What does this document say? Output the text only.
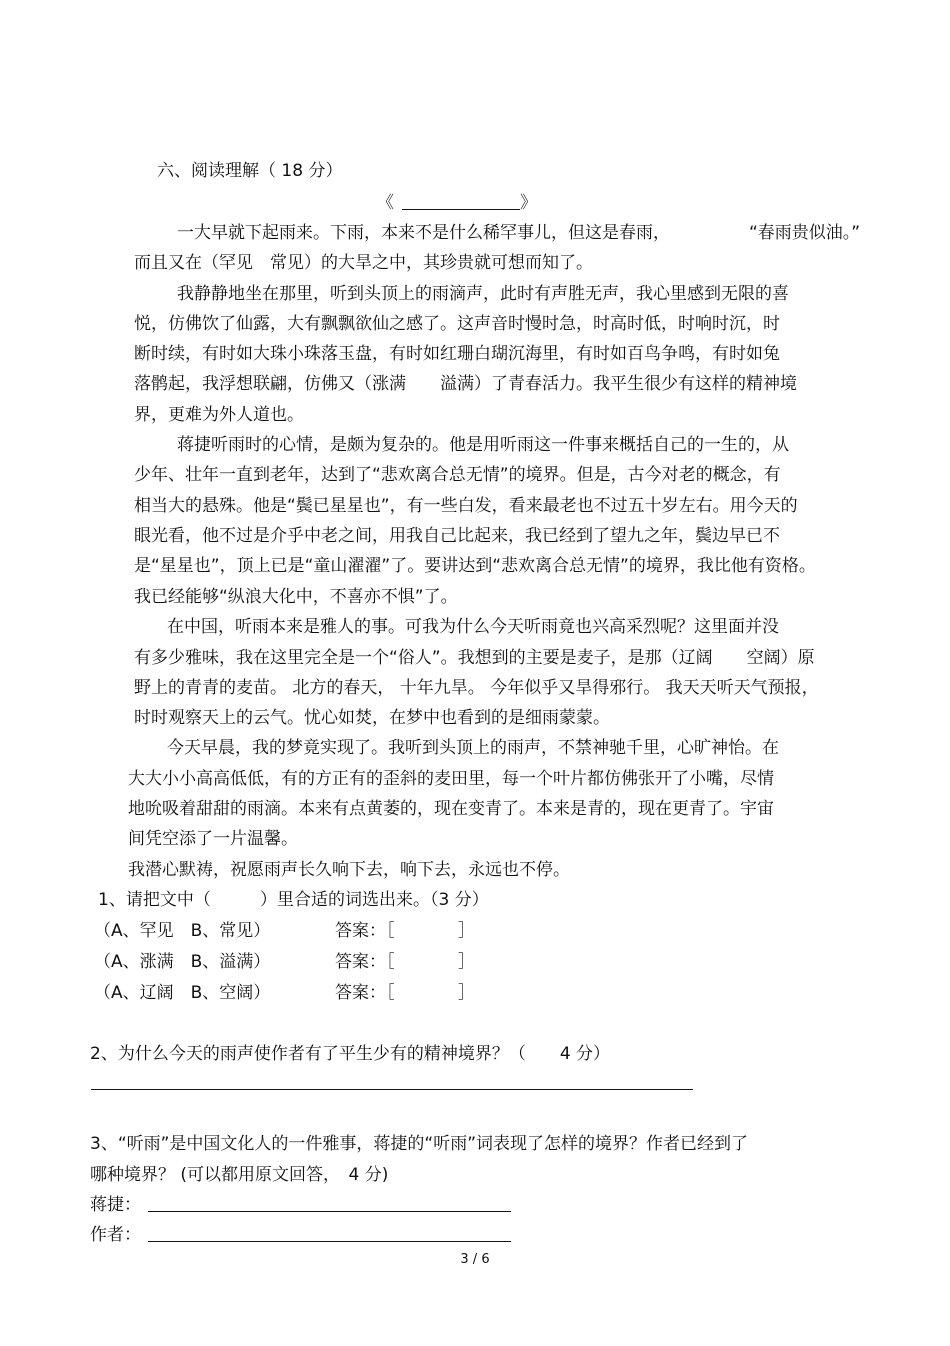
六、阅读理解（ 18 分）
《	》
一大早就下起雨来。下雨，本来不是什么稀罕事儿，但这是春雨，	“春雨贵似油。”
而且又在（罕见　常见）的大旱之中，其珍贵就可想而知了。
我静静地坐在那里，听到头顶上的雨滴声，此时有声胜无声，我心里感到无限的喜
悦，仿佛饮了仙露，大有飘飘欲仙之感了。这声音时慢时急，时高时低，时响时沉，时
断时续，有时如大珠小珠落玉盘，有时如红珊白瑚沉海里，有时如百鸟争鸣，有时如兔
落鹘起，我浮想联翩，仿佛又（涨满　　溢满）了青春活力。我平生很少有这样的精神境
界，更难为外人道也。
蒋捷听雨时的心情，是颇为复杂的。他是用听雨这一件事来概括自己的一生的，从
少年、壮年一直到老年，达到了“悲欢离合总无情”的境界。但是，古今对老的概念，有
相当大的悬殊。他是“鬓已星星也”，有一些白发，看来最老也不过五十岁左右。用今天的
眼光看，他不过是介乎中老之间，用我自己比起来，我已经到了望九之年，鬓边早已不
是“星星也”，顶上已是“童山濯濯”了。要讲达到“悲欢离合总无情”的境界，我比他有资格。
我已经能够“纵浪大化中，不喜亦不惧”了。
在中国，听雨本来是雅人的事。可我为什么今天听雨竟也兴高采烈呢？这里面并没
有多少雅味，我在这里完全是一个“俗人”。我想到的主要是麦子，是那（辽阔　　空阔）原
野上的青青的麦苗。 北方的春天， 十年九旱。 今年似乎又旱得邪行。 我天天听天气预报，
时时观察天上的云气。忧心如焚，在梦中也看到的是细雨蒙蒙。
今天早晨，我的梦竟实现了。我听到头顶上的雨声，不禁神驰千里，心旷神怡。在
大大小小高高低低，有的方正有的歪斜的麦田里，每一个叶片都仿佛张开了小嘴，尽情
地吮吸着甜甜的雨滴。本来有点黄萎的，现在变青了。本来是青的，现在更青了。宇宙
间凭空添了一片温馨。
我潜心默祷，祝愿雨声长久响下去，响下去，永远也不停。
1、请把文中（	）里合适的词选出来。（3 分）
（A、罕见　B、常见）	答案：［	］
（A、涨满　B、溢满）	答案：［	］
（A、辽阔　B、空阔）	答案：［	］
2、为什么今天的雨声使作者有了平生少有的精神境界？（　　4 分）
3、“听雨”是中国文化人的一件雅事，蒋捷的“听雨”词表现了怎样的境界？作者已经到了
哪种境界？ (可以都用原文回答，　4 分)
蒋捷：
作者：
3 / 6
